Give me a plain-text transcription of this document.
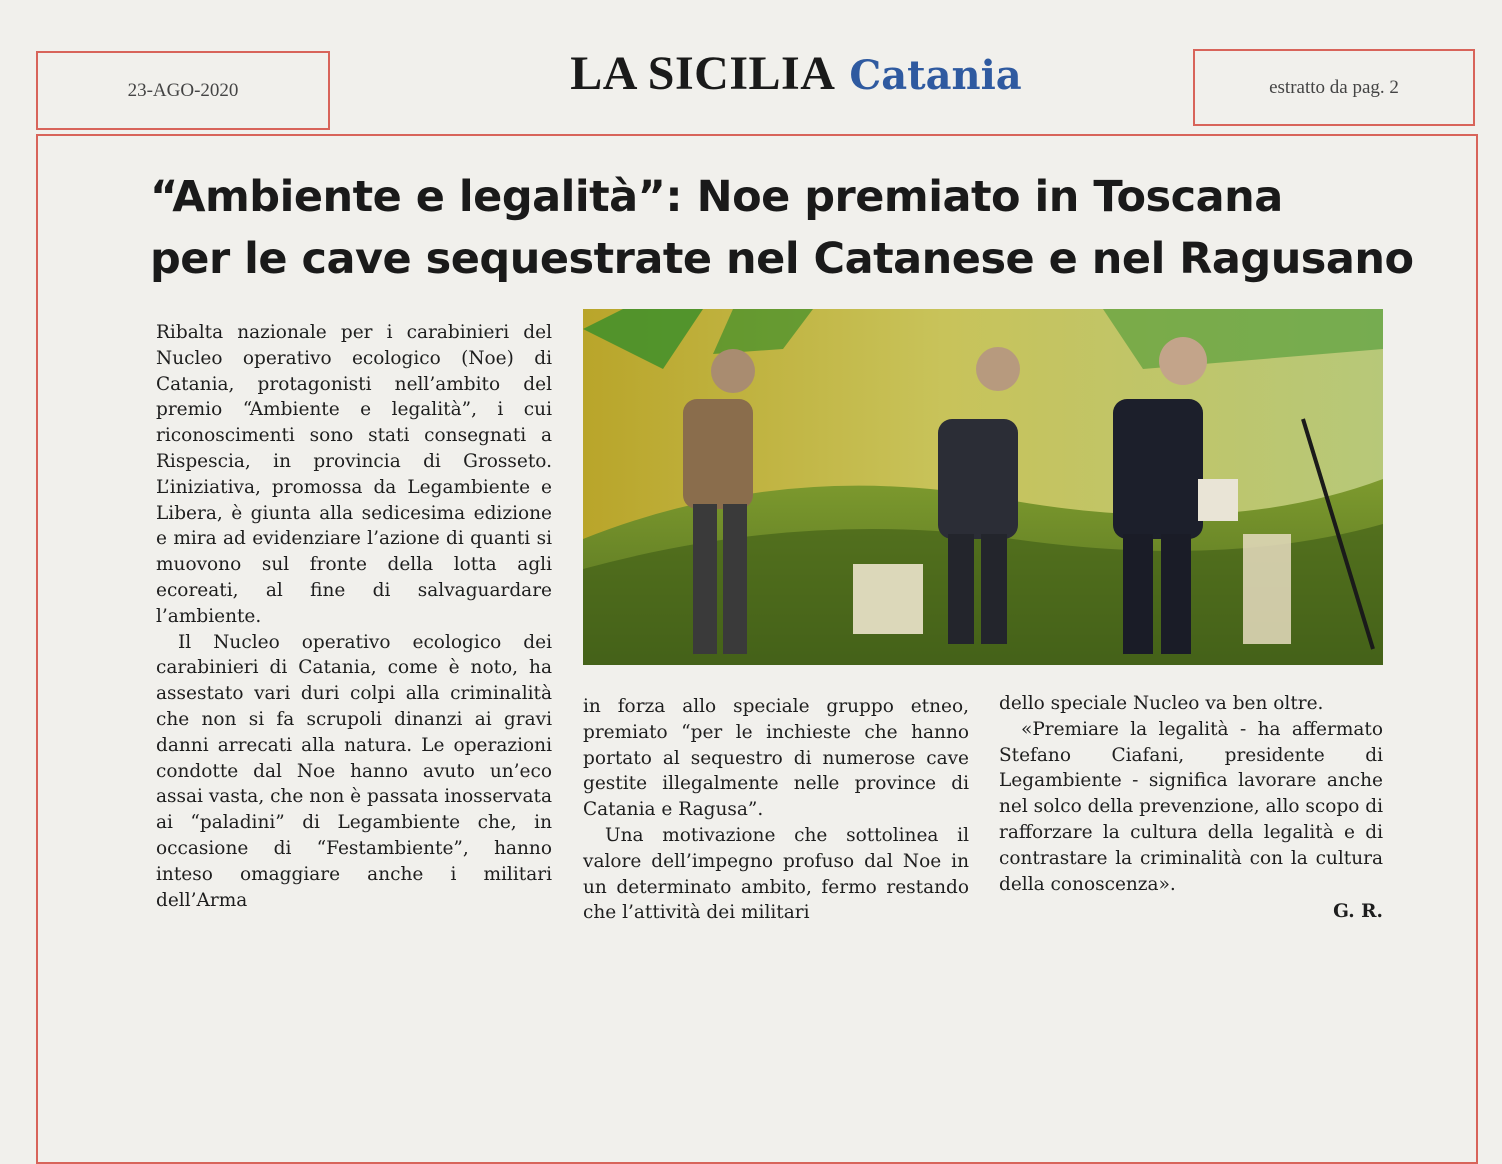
23-AGO-2020	LA SICILIA Catania	estratto da pag. 2
“Ambiente e legalità”: Noe premiato in Toscana
per le cave sequestrate nel Catanese e nel Ragusano

Ribalta nazionale per i carabinieri del Nucleo operativo ecologico (Noe) di Catania, protagonisti nell’ambito del premio “Ambiente e legalità”, i cui riconoscimenti sono stati consegnati a Rispescia, in provincia di Grosseto. L’iniziativa, promossa da Legambiente e Libera, è giunta alla sedicesima edizione e mira ad evidenziare l’azione di quanti si muovono sul fronte della lotta agli ecoreati, al fine di salvaguardare l’ambiente.

Il Nucleo operativo ecologico dei carabinieri di Catania, come è noto, ha assestato vari duri colpi alla criminalità che non si fa scrupoli dinanzi ai gravi danni arrecati alla natura. Le operazioni condotte dal Noe hanno avuto un’eco assai vasta, che non è passata inosservata ai “paladini” di Legambiente che, in occasione di “Festambiente”, hanno inteso omaggiare anche i militari dell’Arma

in forza allo speciale gruppo etneo, premiato “per le inchieste che hanno portato al sequestro di numerose cave gestite illegalmente nelle province di Catania e Ragusa”.

Una motivazione che sottolinea il valore dell’impegno profuso dal Noe in un determinato ambito, fermo restando che l’attività dei militari

dello speciale Nucleo va ben oltre.

«Premiare la legalità - ha affermato Stefano Ciafani, presidente di Legambiente - significa lavorare anche nel solco della prevenzione, allo scopo di rafforzare la cultura della legalità e di contrastare la criminalità con la cultura della conoscenza».

G. R.
